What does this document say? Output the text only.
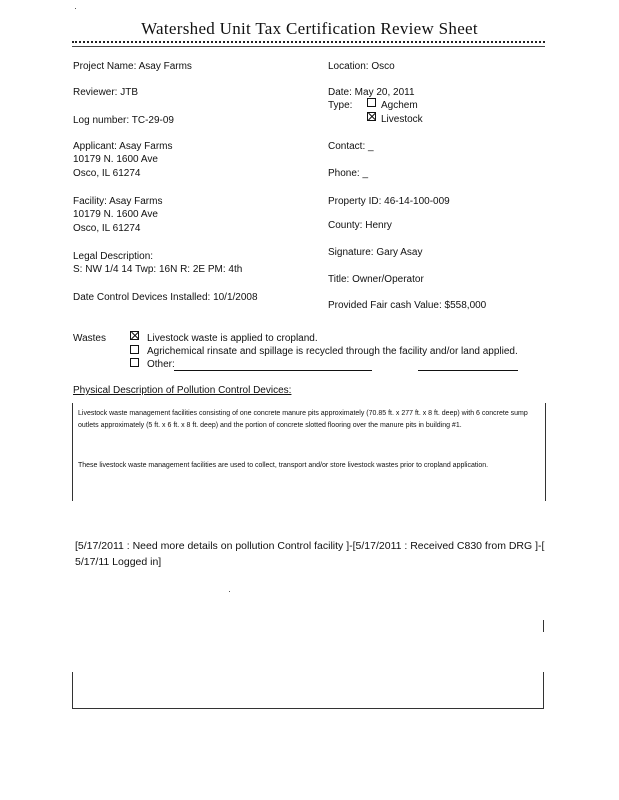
Watershed Unit Tax Certification Review Sheet
Project Name: Asay Farms
Reviewer: JTB
Log number: TC-29-09
Applicant: Asay Farms
10179 N. 1600 Ave
Osco, IL 61274
Facility: Asay Farms
10179 N. 1600 Ave
Osco, IL 61274
Legal Description:
S: NW 1/4 14 Twp: 16N R: 2E PM: 4th
Date Control Devices Installed: 10/1/2008
Location: Osco
Date: May 20, 2011
Type:	Agchem
Livestock
Contact: _
Phone: _
Property ID: 46-14-100-009
County: Henry
Signature: Gary Asay
Title: Owner/Operator
Provided Fair cash Value: $558,000
Wastes	Livestock waste is applied to cropland.
Agrichemical rinsate and spillage is recycled through the facility and/or land applied.
Other:
Physical Description of Pollution Control Devices:
Livestock waste management facilities consisting of one concrete manure pits approximately (70.85 ft. x 277 ft. x 8 ft. deep) with 6 concrete sump outlets approximately (5 ft. x 6 ft. x 8 ft. deep) and the portion of concrete slotted flooring over the manure pits in building #1.
These livestock waste management facilities are used to collect, transport and/or store livestock wastes prior to cropland application.
[5/17/2011 : Need more details on pollution Control facility ]-[5/17/2011 : Received C830 from DRG ]-[ 5/17/11 Logged in]
